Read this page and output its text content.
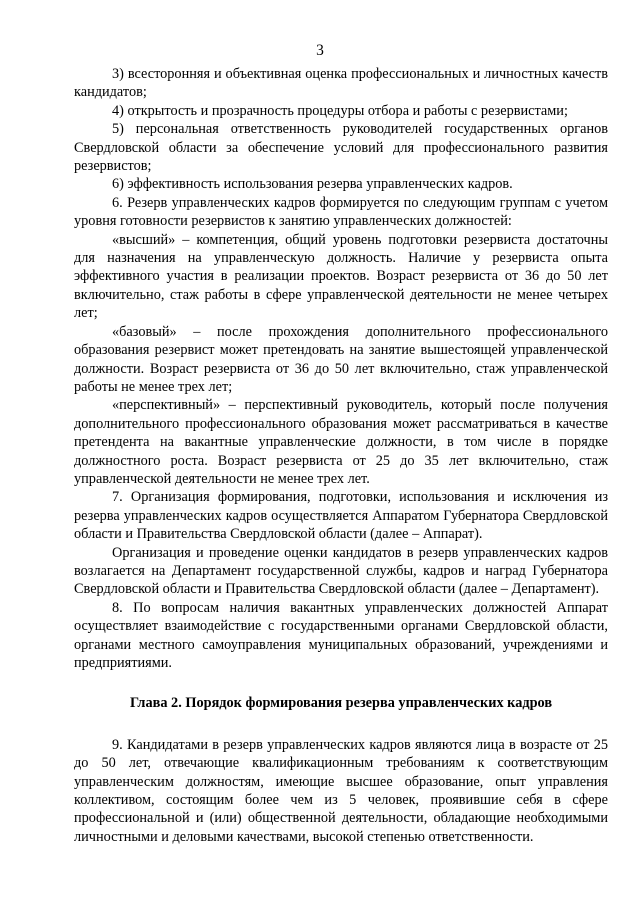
3

3) всесторонняя и объективная оценка профессиональных и личностных качеств кандидатов;

4) открытость и прозрачность процедуры отбора и работы с резервистами;

5) персональная ответственность руководителей государственных органов Свердловской области за обеспечение условий для профессионального развития резервистов;

6) эффективность использования резерва управленческих кадров.

6. Резерв управленческих кадров формируется по следующим группам с учетом уровня готовности резервистов к занятию управленческих должностей:

«высший» – компетенция, общий уровень подготовки резервиста достаточны для назначения на управленческую должность. Наличие у резервиста опыта эффективного участия в реализации проектов. Возраст резервиста от 36 до 50 лет включительно, стаж работы в сфере управленческой деятельности не менее четырех лет;

«базовый» – после прохождения дополнительного профессионального образования резервист может претендовать на занятие вышестоящей управленческой должности. Возраст резервиста от 36 до 50 лет включительно, стаж управленческой работы не менее трех лет;

«перспективный» – перспективный руководитель, который после получения дополнительного профессионального образования может рассматриваться в качестве претендента на вакантные управленческие должности, в том числе в порядке должностного роста. Возраст резервиста от 25 до 35 лет включительно, стаж управленческой деятельности не менее трех лет.

7. Организация формирования, подготовки, использования и исключения из резерва управленческих кадров осуществляется Аппаратом Губернатора Свердловской области и Правительства Свердловской области (далее – Аппарат).

Организация и проведение оценки кандидатов в резерв управленческих кадров возлагается на Департамент государственной службы, кадров и наград Губернатора Свердловской области и Правительства Свердловской области (далее – Департамент).

8. По вопросам наличия вакантных управленческих должностей Аппарат осуществляет взаимодействие с государственными органами Свердловской области, органами местного самоуправления муниципальных образований, учреждениями и предприятиями.

Глава 2. Порядок формирования резерва управленческих кадров

9. Кандидатами в резерв управленческих кадров являются лица в возрасте от 25 до 50 лет, отвечающие квалификационным требованиям к соответствующим управленческим должностям, имеющие высшее образование, опыт управления коллективом, состоящим более чем из 5 человек, проявившие себя в сфере профессиональной и (или) общественной деятельности, обладающие необходимыми личностными и деловыми качествами, высокой степенью ответственности.
